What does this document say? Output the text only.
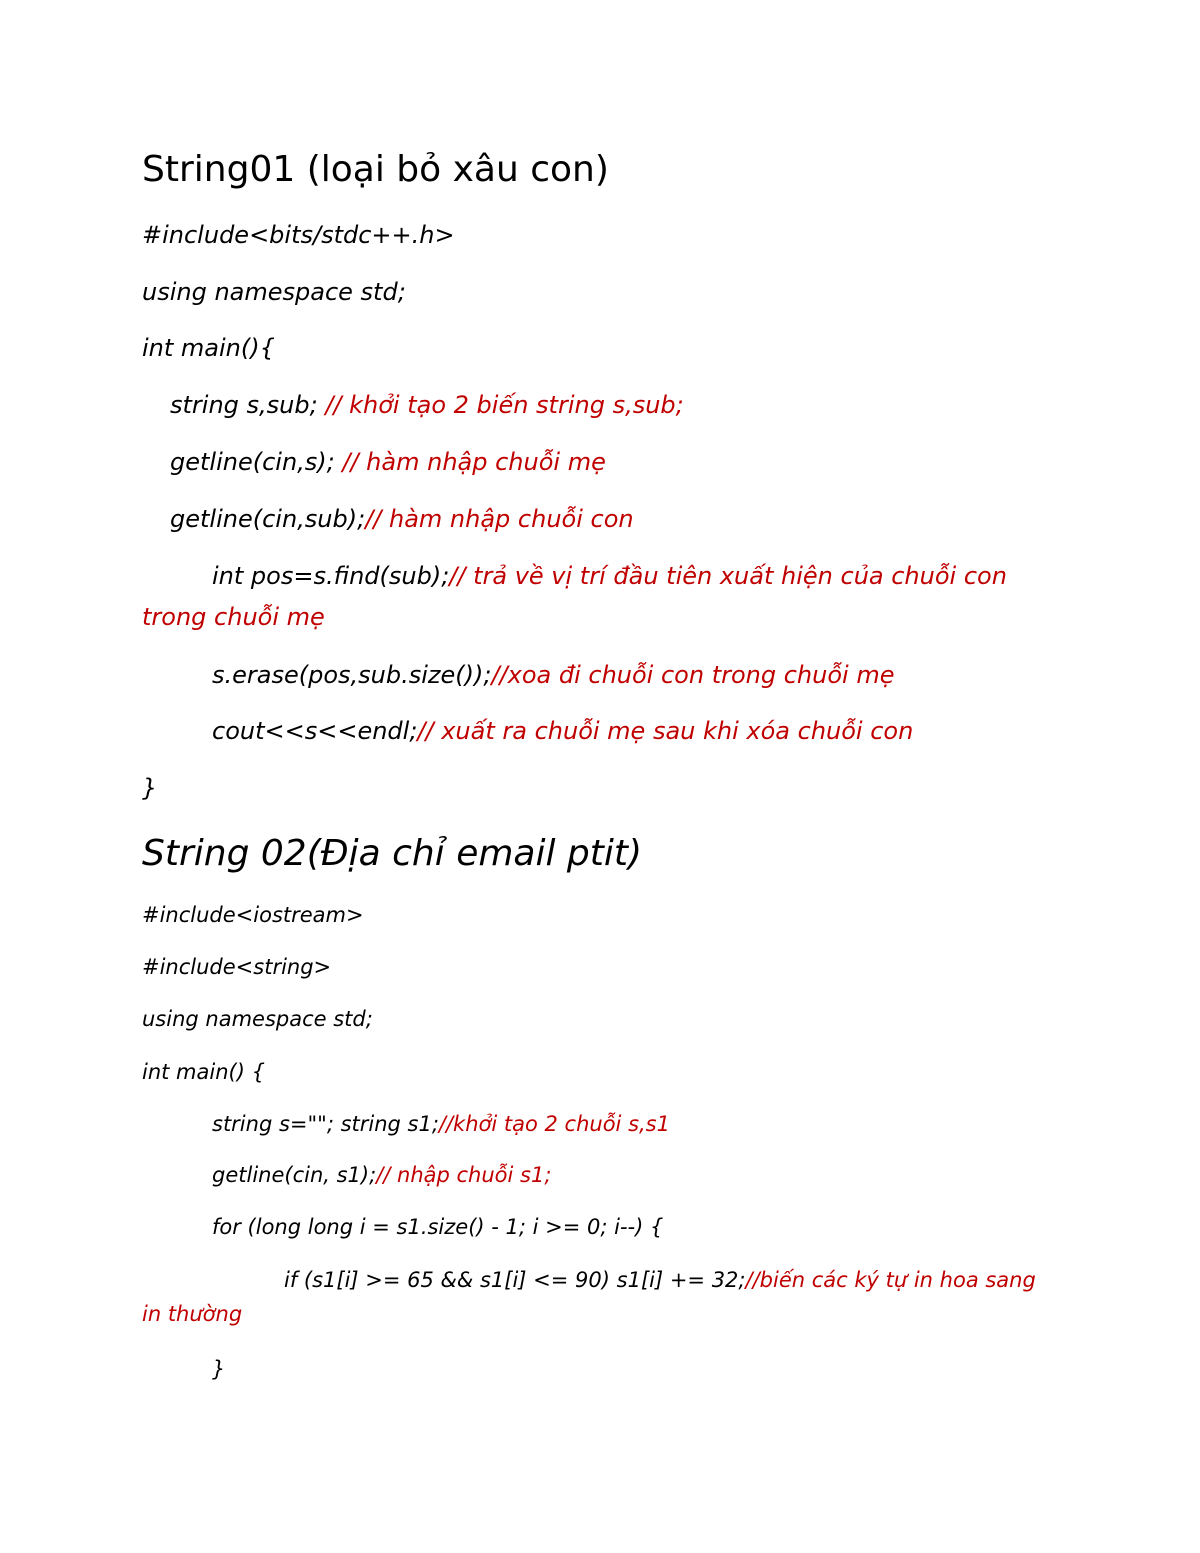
String01 (loại bỏ xâu con)
#include<bits/stdc++.h>
using namespace std;
int main(){
string s,sub; // khởi tạo 2 biến string s,sub;
getline(cin,s); // hàm nhập chuỗi mẹ
getline(cin,sub);// hàm nhập chuỗi con
int pos=s.find(sub);// trả về vị trí đầu tiên xuất hiện của chuỗi con
trong chuỗi mẹ
s.erase(pos,sub.size());//xoa đi chuỗi con trong chuỗi mẹ
cout<<s<<endl;// xuất ra chuỗi mẹ sau khi xóa chuỗi con
}
String 02(Địa chỉ email ptit)
#include<iostream>
#include<string>
using namespace std;
int main() {
string s=""; string s1;//khởi tạo 2 chuỗi s,s1
getline(cin, s1);// nhập chuỗi s1;
for (long long i = s1.size() - 1; i >= 0; i--) {
if (s1[i] >= 65 && s1[i] <= 90) s1[i] += 32;//biến các ký tự in hoa sang
in thường
}
